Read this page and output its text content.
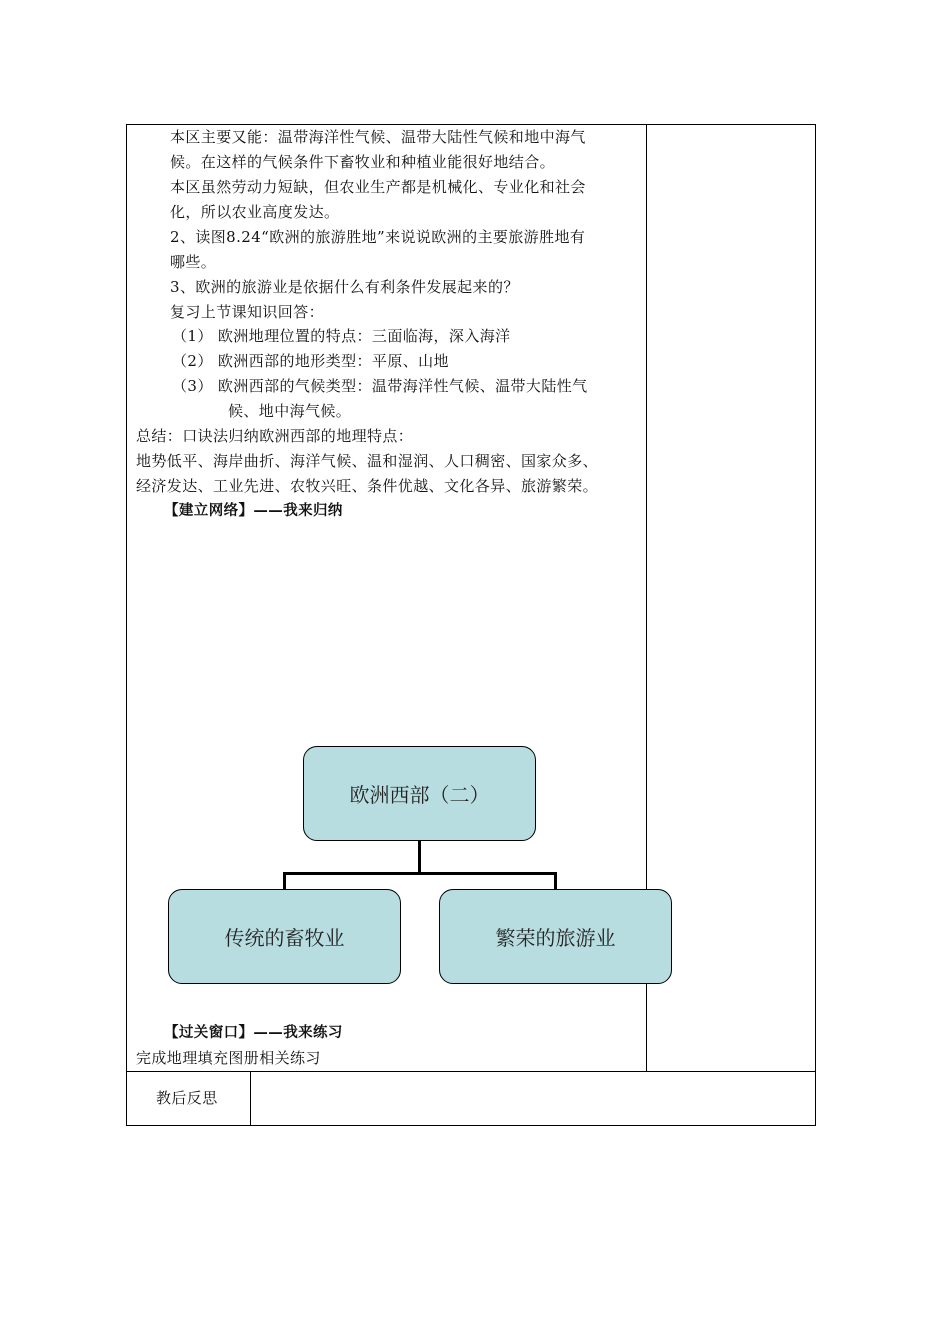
本区主要又能：温带海洋性气候、温带大陆性气候和地中海气
候。在这样的气候条件下畜牧业和种植业能很好地结合。
本区虽然劳动力短缺，但农业生产都是机械化、专业化和社会
化，所以农业高度发达。
2、读图8.24“欧洲的旅游胜地”来说说欧洲的主要旅游胜地有
哪些。
3、欧洲的旅游业是依据什么有利条件发展起来的？
复习上节课知识回答：
（1） 欧洲地理位置的特点：三面临海，深入海洋
（2） 欧洲西部的地形类型：平原、山地
（3） 欧洲西部的气候类型：温带海洋性气候、温带大陆性气
候、地中海气候。
总结：口诀法归纳欧洲西部的地理特点：
地势低平、海岸曲折、海洋气候、温和湿润、人口稠密、国家众多、
经济发达、工业先进、农牧兴旺、条件优越、文化各异、旅游繁荣。
【建立网络】——我来归纳
欧洲西部（二）
传统的畜牧业	繁荣的旅游业
【过关窗口】——我来练习
完成地理填充图册相关练习
教后反思
